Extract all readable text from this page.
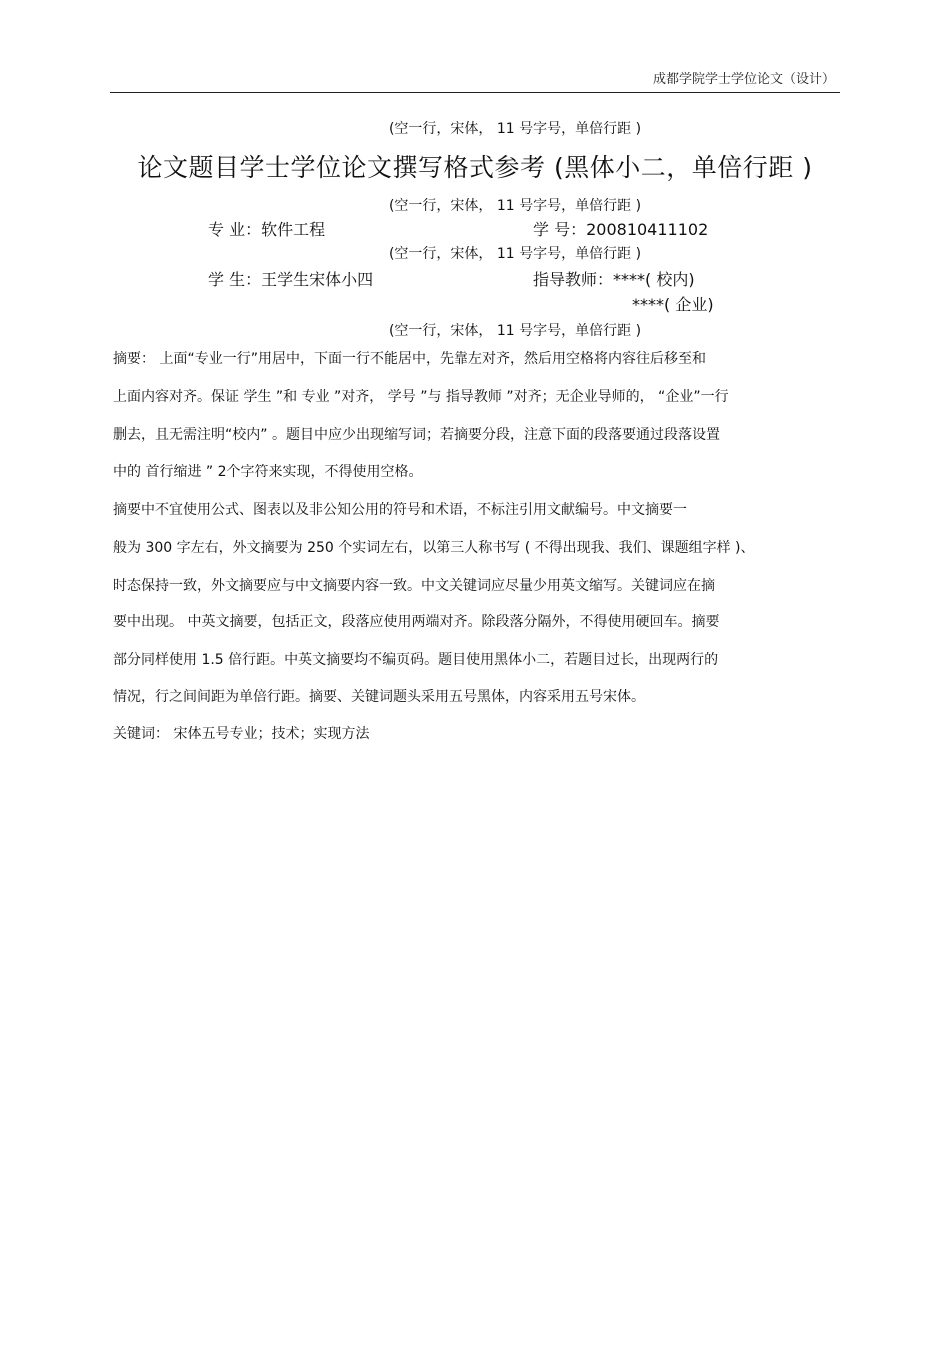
成都学院学士学位论文（设计）
(空一行，宋体， 11 号字号，单倍行距 )
论文题目学士学位论文撰写格式参考 (黑体小二，单倍行距 )
(空一行，宋体， 11 号字号，单倍行距 )
专 业：软件工程	学 号：200810411102
(空一行，宋体， 11 号字号，单倍行距 )
学 生：王学生宋体小四	指导教师：****( 校内)
****( 企业)
(空一行，宋体， 11 号字号，单倍行距 )
摘要： 上面“专业一行”用居中，下面一行不能居中，先靠左对齐，然后用空格将内容往后移至和
上面内容对齐。保证 学生 ”和 专业 ”对齐， 学号 ”与 指导教师 ”对齐；无企业导师的， “企业”一行
删去，且无需注明“校内” 。题目中应少出现缩写词；若摘要分段，注意下面的段落要通过段落设置
中的 首行缩进 ” 2个字符来实现，不得使用空格。
摘要中不宜使用公式、图表以及非公知公用的符号和术语，不标注引用文献编号。中文摘要一
般为 300 字左右，外文摘要为 250 个实词左右，以第三人称书写 ( 不得出现我、我们、课题组字样 )、
时态保持一致，外文摘要应与中文摘要内容一致。中文关键词应尽量少用英文缩写。关键词应在摘
要中出现。 中英文摘要，包括正文，段落应使用两端对齐。除段落分隔外，不得使用硬回车。摘要
部分同样使用 1.5 倍行距。中英文摘要均不编页码。题目使用黑体小二，若题目过长，出现两行的
情况，行之间间距为单倍行距。摘要、关键词题头采用五号黑体，内容采用五号宋体。
关键词： 宋体五号专业；技术；实现方法
